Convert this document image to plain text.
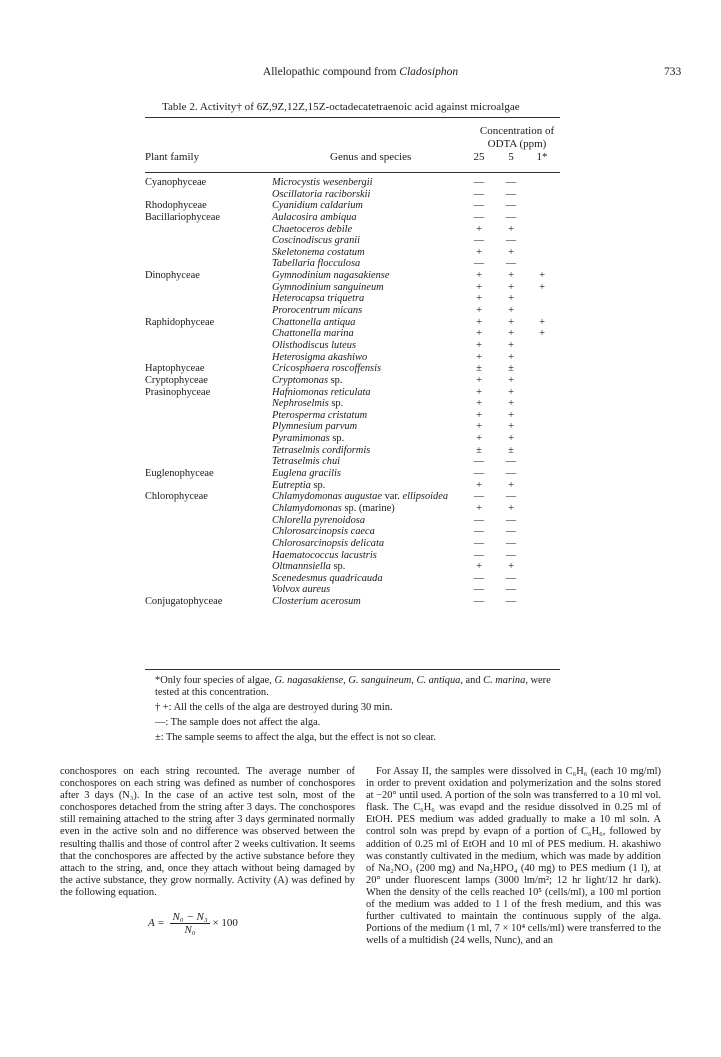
Allelopathic compound from Cladosiphon	733
Table 2. Activity† of 6Z,9Z,12Z,15Z-octadecatetraenoic acid against microalgae
Plant family	Genus and species
Concentration of
ODTA (ppm)
25	5	1*
Cyanophyceae	Microcystis wesenbergii	—	—
Oscillatoria raciborskii	—	—
Rhodophyceae	Cyanidium caldarium	—	—
Bacillariophyceae	Aulacosira ambiqua	—	—
Chaetoceros debile	+	+
Coscinodiscus granii	—	—
Skeletonema costatum	+	+
Tabellaria flocculosa	—	—
Dinophyceae	Gymnodinium nagasakiense	+	+	+
Gymnodinium sanguineum	+	+	+
Heterocapsa triquetra	+	+
Prorocentrum micans	+	+
Raphidophyceae	Chattonella antiqua	+	+	+
Chattonella marina	+	+	+
Olisthodiscus luteus	+	+
Heterosigma akashiwo	+	+
Haptophyceae	Cricosphaera roscoffensis	±	±
Cryptophyceae	Cryptomonas sp.	+	+
Prasinophyceae	Hafniomonas reticulata	+	+
Nephroselmis sp.	+	+
Pterosperma cristatum	+	+
Plymnesium parvum	+	+
Pyramimonas sp.	+	+
Tetraselmis cordiformis	±	±
Tetraselmis chui	—	—
Euglenophyceae	Euglena gracilis	—	—
Eutreptia sp.	+	+
Chlorophyceae	Chlamydomonas augustae var. ellipsoidea	—	—
Chlamydomonas sp. (marine)	+	+
Chlorella pyrenoidosa	—	—
Chlorosarcinopsis caeca	—	—
Chlorosarcinopsis delicata	—	—
Haematococcus lacustris	—	—
Oltmannsiella sp.	+	+
Scenedesmus quadricauda	—	—
Volvox aureus	—	—
Conjugatophyceae	Closterium acerosum	—	—

*Only four species of algae, G. nagasakiense, G. sanguineum, C. antiqua, and C. marina, were tested at this concentration.

† +: All the cells of the alga are destroyed during 30 min.

—: The sample does not affect the alga.

±: The sample seems to affect the alga, but the effect is not so clear.

conchospores on each string recounted. The average number of conchospores on each string was defined as number of conchospores after 3 days (N₃). In the case of an active test soln, most of the conchospores detached from the string after 3 days. The conchospores still remaining attached to the string after 3 days germinated normally even in the active soln and no difference was observed between the resulting thallis and those of control after 2 weeks cultivation. It seems that the conchospores are affected by the active substance before they attach to the string, and, once they attach without being damaged by the active substance, they grow normally. Activity (A) was defined by the following equation.

$A = \frac{\text{N₀ − N₃}}{\text{N₀}} \times 100$

For Assay II, the samples were dissolved in C₆H₆ (each 10 mg/ml) in order to prevent oxidation and polymerization and the solns stored at −20° until used. A portion of the soln was transferred to a 10 ml vol. flask. The C₆H₆ was evapd and the residue dissolved in 0.25 ml of EtOH. PES medium was added gradually to make a 10 ml soln. A control soln was prepd by evapn of a portion of C₆H₆, followed by addition of 0.25 ml of EtOH and 10 ml of PES medium. H. akashiwo was constantly cultivated in the medium, which was made by addition of Na₂NO₃ (200 mg) and Na₂HPO₄ (40 mg) to PES medium (1 l), at 20° under fluorescent lamps (3000 lm/m²; 12 hr light/12 hr dark). When the density of the cells reached 10⁵ (cells/ml), a 100 ml portion of the medium was added to 1 l of the fresh medium, and this was further cultivated to maintain the continuous supply of the alga. Portions of the medium (1 ml, 7 × 10⁴ cells/ml) were transferred to the wells of a multidish (24 wells, Nunc), and an
